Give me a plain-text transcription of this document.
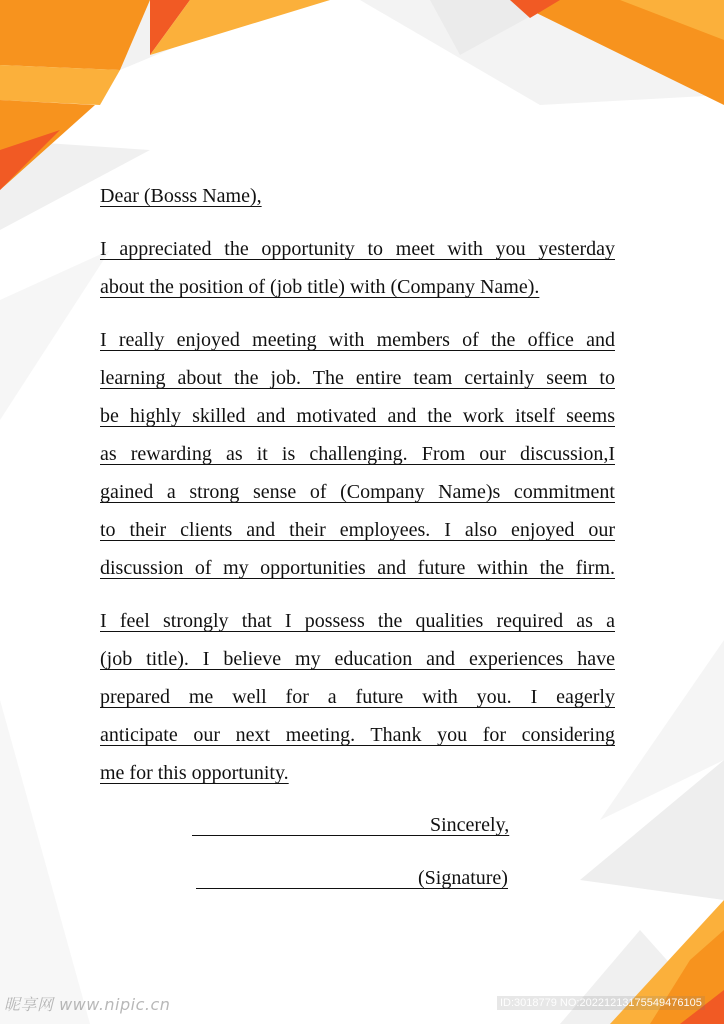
Dear (Bosss Name),
I appreciated the opportunity to meet with you yesterday
about the position of (job title) with (Company Name).
I really enjoyed meeting with members of the office and
learning about the job. The entire team certainly seem to
be highly skilled and motivated and the work itself seems
as rewarding as it is challenging. From our discussion,I
gained a strong sense of (Company Name)s commitment
to their clients and their employees. I also enjoyed our
discussion of my opportunities and future within the firm.
I feel strongly that I possess the qualities required as a
(job title). I believe my education and experiences have
prepared me well for a future with you. I eagerly
anticipate our next meeting. Thank you for considering
me for this opportunity.
Sincerely,
(Signature)
昵享网 www.nipic.cn	ID:3018779 NO:20221213175549476105
